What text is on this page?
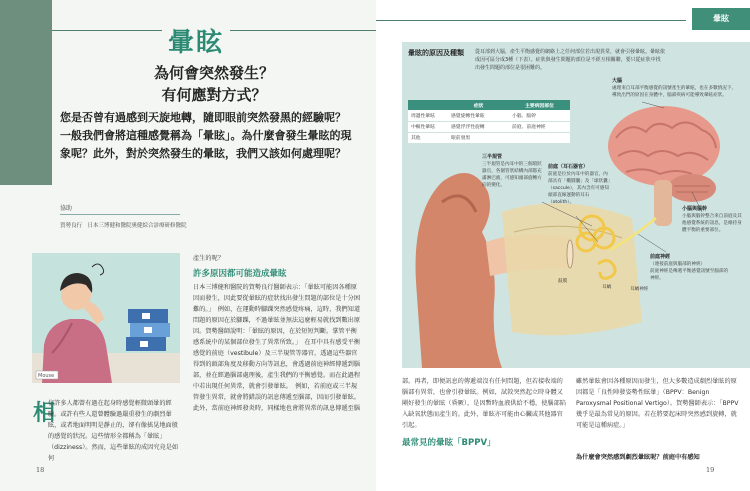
暈眩
為何會突然發生？
有何應對方式？
您是否曾有過感到天旋地轉，隨即眼前突然發黑的經驗呢？一般我們會將這種感覺稱為「暈眩」。為什麼會發生暈眩的現象呢？此外，對於突然發生的暈眩，我們又該如何處理呢？
協助
賀勢良行　日本三博健和醫院奧健綜合診療研修醫院
Mouse
相
信許多人都曾有過在起身時感覺輕微頭暈的經驗。或許有些人還曾體驗過嚴重發生的劇烈暈眩，或者地面明明是靜止的，卻有像搖晃地面般的感覺的狀況。這些情形全都稱為「暈眩」（dizziness）。然而，這些暈眩的成因究竟是如何
產生的呢？
許多原因都可能造成暈眩
日本三博健和醫院的賀勢良行醫師表示：「暈眩可能因各種原因而發生，因此要從暈眩的症狀找出發生問題的部位是十分困難的。」　例如，在運動時腳踝突然感覺疼痛，這時，我們知道問題的原因在於腳踝，不過暈眩並無法這麼輕易就找到數出原因。賀勢醫師說明：「暈眩的原因，在於短短判斷。掌管平衡感系統中的某個部位發生了異常所致。」　在耳中具有感受平衡感覺的前庭（vestibule）及三半規管等器官，透過這些器官得到的頭部角度及移動方向等訊息，會透過前庭神經傳遞到腦部，並在經過腦部處理後，產生我們的平衡感覺。而在此過程中若出現任何異常，就會引發暈眩。　例如，若前庭或三半規管發生異常，就會將錯誤的訊息傳遞至腦部，因而引發暈眩。此外，當前庭神經發炎時，同樣地也會將異常的訊息傳遞至腦
18
暈眩
暈眩的原因及種類 從耳部到大腦，產生平衡感覺的網絡上之任何部位若出現異常，就會引發暈眩。暈眩依成因可區分成3種（下表）。症狀與發生問題的部位是不經互相關聯，要只從症狀中找出發生問題的部位是很困難的。
	症狀	主要病因部位
周邊性暈眩	感覺旋轉性暈眩	小腦、腦幹
中樞性暈眩	感覺浮浮性旋轉	前庭、前庭神經
其他	眼前發黑	
大腦
處理來自耳部平衡感覺的訊號產生的暈眩，也在多數情況下，導致出門的原因在身體中，腦部疾病可能導致暈眩症狀。
三半規管
三半規管是內耳中的三個環狀器官，各個管狀結構內部都充滿淋巴液，可感知頭部旋轉方向的變化。
前庭（耳石器官）
前庭是位於內耳中的器官，內部具有「橢圓囊」及「球狀囊」（saccule），其內含有可感知頭部直線運動的耳石（otolith）。
小腦與腦幹
小腦與腦幹整合來自前庭及其他感覺系統的訊息，是維持身體平衡的重要部位。
前庭神經
（連接前庭與腦部的神經）
前庭神經是傳遞平衡感覺訊號至腦部的神經。
耳蝸
鼓膜
耳蝸神經
部。再者，即便訊息的傳遞端沒有任何問題，但若接收端的腦部有異常，也會引發暈眩。例如，試敘突然起立時身體又剛好發生的暈眩（昏厥），是因暫時血液供給不穩，使腦部陷入缺氧狀態而產生的。此外，暈眩亦可能由心臟或其他器官引起。
最常見的暈眩「BPPV」
雖然暈眩會因各種原因而發生，但大多數造成劇烈暈眩的原因都是「良性陣發姿勢性眩暈」（BPPV：Benign Paroxysmal Positional Vertigo）。賀勢醫師表示：「BPPV幾乎是最為常見的原因。若在將要起床時突然感到旋轉，就可能是這種病症。」
為什麼會突然感到劇烈暈眩呢？前庭中有感知
19
